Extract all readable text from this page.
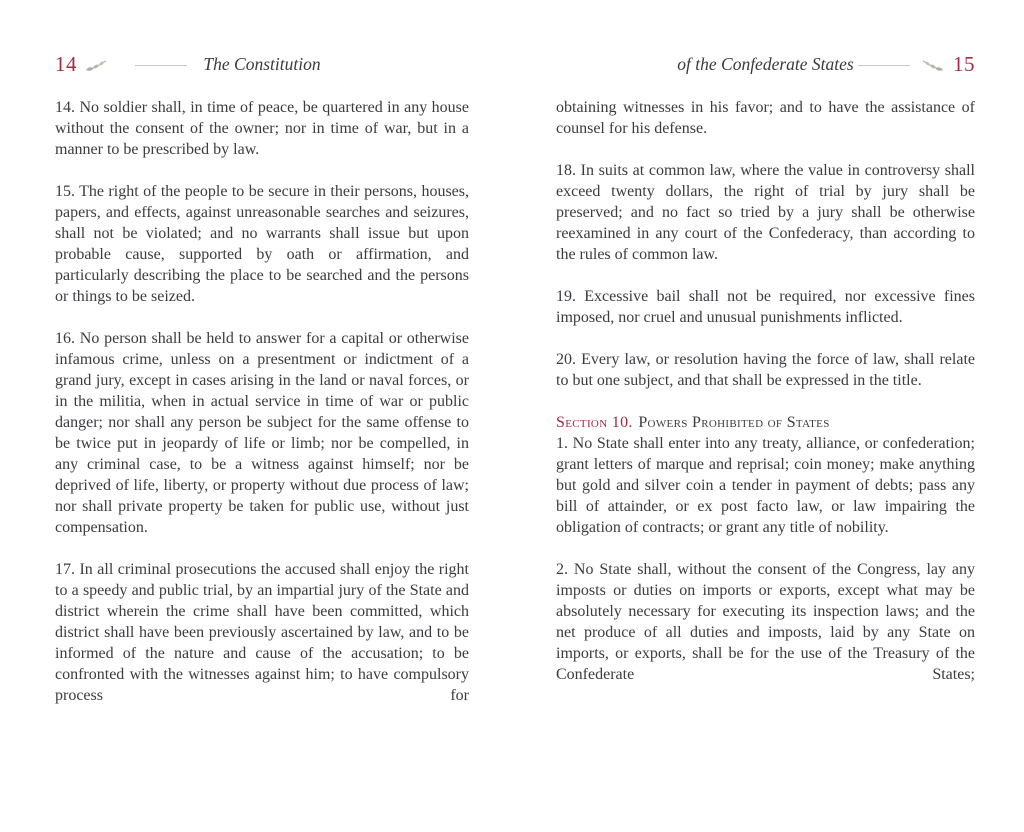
14	The Constitution

14. No soldier shall, in time of peace, be quartered in any house without the consent of the owner; nor in time of war, but in a manner to be prescribed by law.

15. The right of the people to be secure in their persons, houses, papers, and effects, against unreasonable searches and seizures, shall not be violated; and no warrants shall issue but upon probable cause, supported by oath or affirmation, and particularly describing the place to be searched and the persons or things to be seized.

16. No person shall be held to answer for a capital or otherwise infamous crime, unless on a presentment or indictment of a grand jury, except in cases arising in the land or naval forces, or in the militia, when in actual service in time of war or public danger; nor shall any person be subject for the same offense to be twice put in jeopardy of life or limb; nor be compelled, in any criminal case, to be a witness against himself; nor be deprived of life, liberty, or property without due process of law; nor shall private property be taken for public use, without just compensation.

17. In all criminal prosecutions the accused shall enjoy the right to a speedy and public trial, by an impartial jury of the State and district wherein the crime shall have been committed, which district shall have been previously ascertained by law, and to be informed of the nature and cause of the accusation; to be confronted with the witnesses against him; to have compulsory process for

of the Confederate States	15

obtaining witnesses in his favor; and to have the assistance of counsel for his defense.

18. In suits at common law, where the value in controversy shall exceed twenty dollars, the right of trial by jury shall be preserved; and no fact so tried by a jury shall be otherwise reexamined in any court of the Confederacy, than according to the rules of common law.

19. Excessive bail shall not be required, nor excessive fines imposed, nor cruel and unusual punishments inflicted.

20. Every law, or resolution having the force of law, shall relate to but one subject, and that shall be expressed in the title.

Section 10. Powers Prohibited of States

1. No State shall enter into any treaty, alliance, or confederation; grant letters of marque and reprisal; coin money; make anything but gold and silver coin a tender in payment of debts; pass any bill of attainder, or ex post facto law, or law impairing the obligation of contracts; or grant any title of nobility.

2. No State shall, without the consent of the Congress, lay any imposts or duties on imports or exports, except what may be absolutely necessary for executing its inspection laws; and the net produce of all duties and imposts, laid by any State on imports, or exports, shall be for the use of the Treasury of the Confederate States;
